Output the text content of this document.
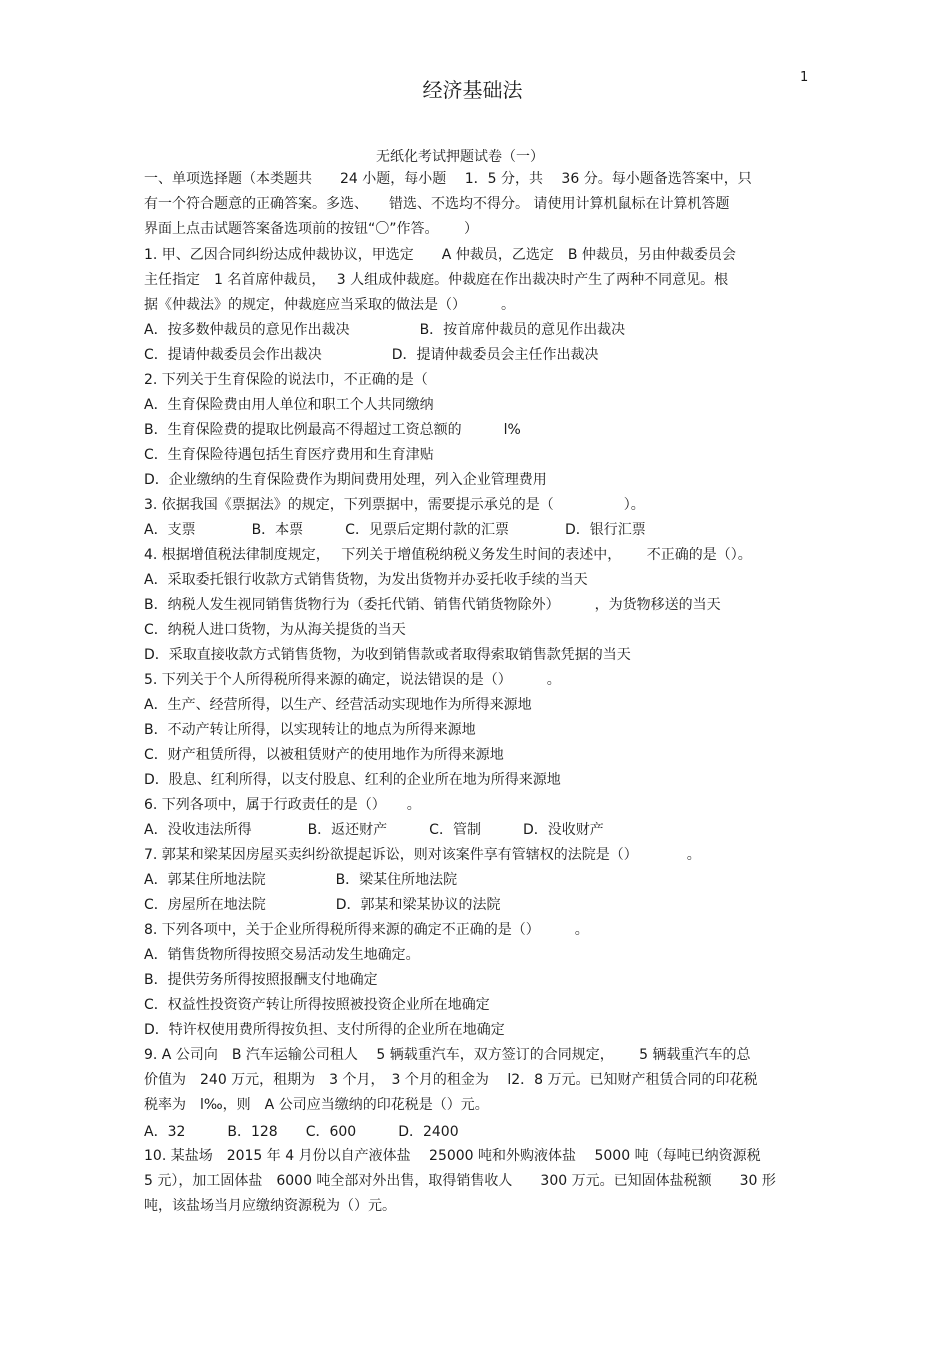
1
经济基础法
无纸化考试押题试卷（一）
一、单项选择题（本类题共　　24 小题，每小题　 1．5 分，共　 36 分。每小题备选答案中，只
有一个符合题意的正确答案。多选、　　错选、不选均不得分。 请使用计算机鼠标在计算机答题
界面上点击试题答案备选项前的按钮“〇”作答。　　 ）
1. 甲、乙因合同纠纷达成仲裁协议，甲选定　　A 仲裁员，乙选定　B 仲裁员，另由仲裁委员会
主任指定　1 名首席仲裁员，　 3 人组成仲裁庭。仲裁庭在作出裁决时产生了两种不同意见。根
据《仲裁法》的规定，仲裁庭应当采取的做法是（）　　　。
A．按多数仲裁员的意见作出裁决　　　　　B．按首席仲裁员的意见作出裁决
C．提请仲裁委员会作出裁决　　　　　D．提请仲裁委员会主任作出裁决
2. 下列关于生育保险的说法巾，不正确的是（
A．生育保险费由用人单位和职工个人共同缴纳
B．生育保险费的提取比例最高不得超过工资总额的　　　l%
C．生育保险待遇包括生育医疗费用和生育津贴
D．企业缴纳的生育保险费作为期间费用处理，列入企业管理费用
3. 依据我国《票据法》的规定，下列票据中，需要提示承兑的是（　　　　　）。
A．支票　　　　B．本票　　　C．见票后定期付款的汇票　　　　D．银行汇票
4. 根据增值税法律制度规定，　 下列关于增值税纳税义务发生时间的表述中，　　 不正确的是（）。
A．采取委托银行收款方式销售货物，为发出货物并办妥托收手续的当天
B．纳税人发生视同销售货物行为（委托代销、销售代销货物除外）　　　，为货物移送的当天
C．纳税人进口货物，为从海关提货的当天
D．采取直接收款方式销售货物，为收到销售款或者取得索取销售款凭据的当天
5. 下列关于个人所得税所得来源的确定，说法错误的是（）　　　。
A．生产、经营所得，以生产、经营活动实现地作为所得来源地
B．不动产转让所得，以实现转让的地点为所得来源地
C．财产租赁所得，以被租赁财产的使用地作为所得来源地
D．股息、红利所得，以支付股息、红利的企业所在地为所得来源地
6. 下列各项中，属于行政责任的是（）　　。
A．没收违法所得　　　　B．返还财产　　　C．管制　　　D．没收财产
7. 郭某和梁某因房屋买卖纠纷欲提起诉讼，则对该案件享有管辖权的法院是（）　　　　。
A．郭某住所地法院　　　　　B．梁某住所地法院
C．房屋所在地法院　　　　　D．郭某和梁某协议的法院
8. 下列各项中，关于企业所得税所得来源的确定不正确的是（）　　　。
A．销售货物所得按照交易活动发生地确定。
B．提供劳务所得按照报酬支付地确定
C．权益性投资资产转让所得按照被投资企业所在地确定
D．特许权使用费所得按负担、支付所得的企业所在地确定
9. A 公司向　B 汽车运输公司租人　 5 辆载重汽车，双方签订的合同规定，　　 5 辆载重汽车的总
价值为　240 万元，租期为　3 个月，　3 个月的租金为　 l2．8 万元。已知财产租赁合同的印花税
税率为　l‰，则　A 公司应当缴纳的印花税是（）元。
A．32　　　B．128　　C．600　　　D．2400
10. 某盐场　2015 年 4 月份以自产液体盐　 25000 吨和外购液体盐　 5000 吨（每吨已纳资源税
5 元），加工固体盐　6000 吨全部对外出售，取得销售收人　　300 万元。已知固体盐税额　　30 形
吨，该盐场当月应缴纳资源税为（）元。
